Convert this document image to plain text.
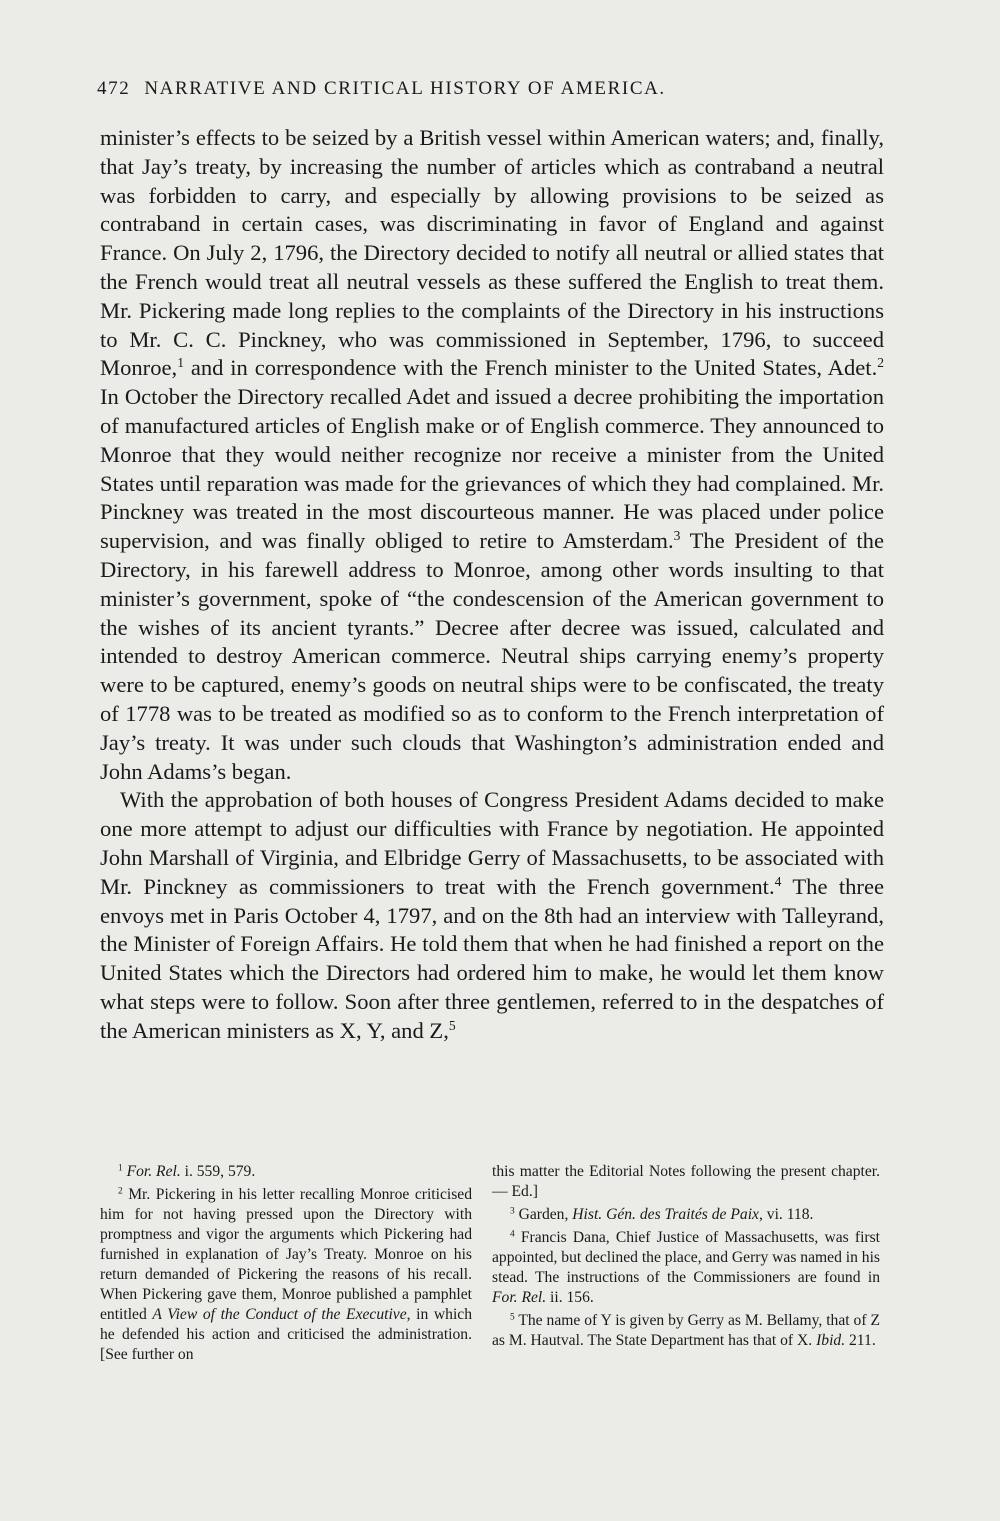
472 NARRATIVE AND CRITICAL HISTORY OF AMERICA.

minister’s effects to be seized by a British vessel within American waters; and, finally, that Jay’s treaty, by increasing the number of articles which as contraband a neutral was forbidden to carry, and especially by allowing provisions to be seized as contraband in certain cases, was discriminating in favor of England and against France. On July 2, 1796, the Directory decided to notify all neutral or allied states that the French would treat all neutral vessels as these suffered the English to treat them. Mr. Pickering made long replies to the complaints of the Directory in his instructions to Mr. C. C. Pinckney, who was commissioned in September, 1796, to succeed Monroe,$^1$ and in correspondence with the French minister to the United States, Adet.$^2$ In October the Directory recalled Adet and issued a decree prohibiting the importation of manufactured articles of English make or of English commerce. They announced to Monroe that they would neither recognize nor receive a minister from the United States until reparation was made for the grievances of which they had complained. Mr. Pinckney was treated in the most discourteous manner. He was placed under police supervision, and was finally obliged to retire to Amsterdam.$^3$ The President of the Directory, in his farewell address to Monroe, among other words insulting to that minister’s government, spoke of “the condescension of the American government to the wishes of its ancient tyrants.” Decree after decree was issued, calculated and intended to destroy American commerce. Neutral ships carrying enemy’s property were to be captured, enemy’s goods on neutral ships were to be confiscated, the treaty of 1778 was to be treated as modified so as to conform to the French interpretation of Jay’s treaty. It was under such clouds that Washington’s administration ended and John Adams’s began.

With the approbation of both houses of Congress President Adams decided to make one more attempt to adjust our difficulties with France by negotiation. He appointed John Marshall of Virginia, and Elbridge Gerry of Massachusetts, to be associated with Mr. Pinckney as commissioners to treat with the French government.$^4$ The three envoys met in Paris October 4, 1797, and on the 8th had an interview with Talleyrand, the Minister of Foreign Affairs. He told them that when he had finished a report on the United States which the Directors had ordered him to make, he would let them know what steps were to follow. Soon after three gentlemen, referred to in the despatches of the American ministers as X, Y, and Z,$^5$

$^1$ For. Rel. i. 559, 579.

$^2$ Mr. Pickering in his letter recalling Monroe criticised him for not having pressed upon the Directory with promptness and vigor the arguments which Pickering had furnished in explanation of Jay’s Treaty. Monroe on his return demanded of Pickering the reasons of his recall. When Pickering gave them, Monroe published a pamphlet entitled A View of the Conduct of the Executive, in which he defended his action and criticised the administration. [See further on

this matter the Editorial Notes following the present chapter. — Ed.]

$^3$ Garden, Hist. Gén. des Traités de Paix, vi. 118.

$^4$ Francis Dana, Chief Justice of Massachusetts, was first appointed, but declined the place, and Gerry was named in his stead. The instructions of the Commissioners are found in For. Rel. ii. 156.

$^5$ The name of Y is given by Gerry as M. Bellamy, that of Z as M. Hautval. The State Department has that of X. Ibid. 211.
